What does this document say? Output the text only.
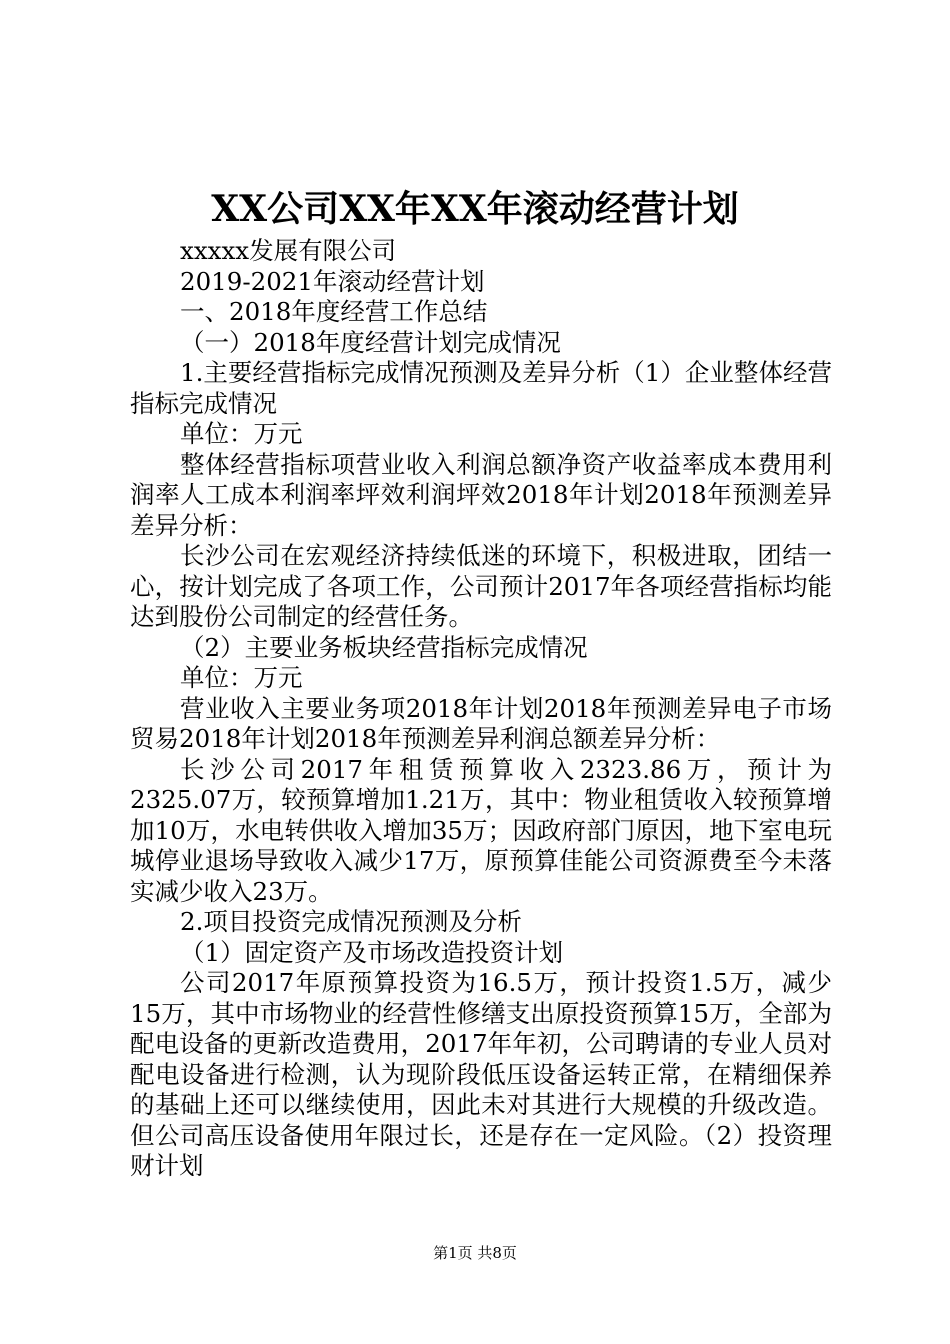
XX公司XX年XX年滚动经营计划

xxxxx发展有限公司

2019-2021年滚动经营计划

一、2018年度经营工作总结

（一）2018年度经营计划完成情况

1.主要经营指标完成情况预测及差异分析（1）企业整体经营指标完成情况

单位：万元

整体经营指标项营业收入利润总额净资产收益率成本费用利润率人工成本利润率坪效利润坪效2018年计划2018年预测差异差异分析：

长沙公司在宏观经济持续低迷的环境下，积极进取，团结一心，按计划完成了各项工作，公司预计2017年各项经营指标均能达到股份公司制定的经营任务。

（2）主要业务板块经营指标完成情况

单位：万元

营业收入主要业务项2018年计划2018年预测差异电子市场贸易2018年计划2018年预测差异利润总额差异分析：

长沙公司2017年租赁预算收入2323.86万，预计为2325.07万，较预算增加1.21万，其中：物业租赁收入较预算增加10万，水电转供收入增加35万；因政府部门原因，地下室电玩城停业退场导致收入减少17万，原预算佳能公司资源费至今未落实减少收入23万。

2.项目投资完成情况预测及分析

（1）固定资产及市场改造投资计划

公司2017年原预算投资为16.5万，预计投资1.5万，减少15万，其中市场物业的经营性修缮支出原投资预算15万，全部为配电设备的更新改造费用，2017年年初，公司聘请的专业人员对配电设备进行检测，认为现阶段低压设备运转正常，在精细保养的基础上还可以继续使用，因此未对其进行大规模的升级改造。但公司高压设备使用年限过长，还是存在一定风险。（2）投资理财计划

第1页 共8页
